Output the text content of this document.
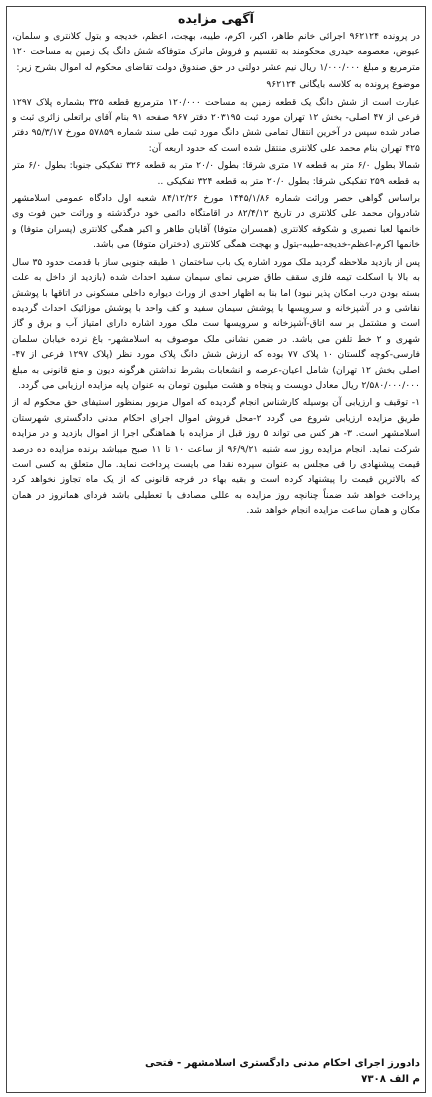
آگهی مزایده

در پرونده ۹۶۲۱۲۴ اجرائی خانم طاهر، اکبر، اکرم، طیبه، بهجت، اعظم، خدیجه و بتول کلانتری و سلمان، عیوض، معصومه حیدری محکومند به تقسیم و فروش ماترک متوفاکه شش دانگ یک زمین به مساحت ۱۲۰ مترمربع و مبلغ ۱/۰۰۰/۰۰۰ ریال نیم عشر دولتی در حق صندوق دولت تقاضای محکوم له اموال بشرح زیر:

موضوع پرونده به کلاسه بایگانی ۹۶۲۱۲۴

عبارت است از شش دانگ یک قطعه زمین به مساحت ۱۲۰/۰۰۰ مترمربع قطعه ۳۲۵ بشماره پلاک ۱۲۹۷ فرعی از ۴۷ اصلی- بخش ۱۲ تهران مورد ثبت ۲۰۳۱۹۵ دفتر ۹۶۷ صفحه ۹۱ بنام آقای براتعلی زائری ثبت و صادر شده سپس در آخرین انتقال تمامی شش دانگ مورد ثبت طی سند شماره ۵۷۸۵۹ مورخ ۹۵/۳/۱۷ دفتر ۴۲۵ تهران بنام محمد علی کلانتری منتقل شده است که حدود اربعه آن:

شمالا بطول ۶/۰ متر به قطعه ۱۷ متری شرقا: بطول ۲۰/۰ متر به قطعه ۳۲۶ تفکیکی جنوبا: بطول ۶/۰ متر به قطعه ۲۵۹ تفکیکی شرقا: بطول ۲۰/۰ متر به قطعه ۳۲۴ تفکیکی ..

براساس گواهی حصر وراثت شماره ۱۴۴۵/۱/۸۶ مورخ ۸۴/۱۲/۲۶ شعبه اول دادگاه عمومی اسلامشهر شادروان محمد علی کلانتری در تاریخ ۸۲/۴/۱۲ در اقامتگاه دائمی خود درگذشته و وراثت حین فوت وی خانمها لعبا نصیری و شکوفه کلانتری (همسران متوفا) آقایان طاهر و اکبر همگی کلانتری (پسران متوفا) و خانمها اکرم-اعظم-خدیجه-طیبه-بتول و بهجت همگی کلانتری (دختران متوفا) می باشد.

پس از بازدید ملاحظه گردید ملک مورد اشاره یک باب ساختمان ۱ طبقه جنوبی ساز با قدمت حدود ۳۵ سال به بالا با اسکلت تیمه فلزی سقف طاق ضربی نمای سیمان سفید احداث شده (بازدید از داخل به علت بسته بودن درب امکان پذیر نبود) اما بنا به اظهار احدی از وراث دیواره داخلی مسکونی در اتاقها با پوشش نقاشی و در آشپزخانه و سرویسها با پوشش سیمان سفید و کف واحد با پوشش موزائیک احداث گردیده است و مشتمل بر سه اتاق-آشپزخانه و سرویسها ست ملک مورد اشاره دارای امتیاز آب و برق و گاز شهری و ۲ خط تلفن می باشد. در ضمن نشانی ملک موصوف به اسلامشهر- باغ نرده خیابان سلمان فارسی-کوچه گلستان ۱۰ پلاک ۷۷ بوده که ارزش شش دانگ پلاک مورد نظر (پلاک ۱۲۹۷ فرعی از ۴۷- اصلی بخش ۱۲ تهران) شامل اعیان-عرصه و انشعابات بشرط نداشتن هرگونه دیون و منع قانونی به مبلغ ۲/۵۸۰/۰۰۰/۰۰۰ ریال معادل دویست و پنجاه و هشت میلیون تومان به عنوان پایه مزایده ارزیابی می گردد.

۱- توقیف و ارزیابی آن بوسیله کارشناس انجام گردیده که اموال مزبور بمنظور استیفای حق محکوم له از طریق مزایده ارزیابی شروع می گردد ۲-محل فروش اموال اجرای احکام مدنی دادگستری شهرستان اسلامشهر است. ۳- هر کس می تواند ۵ روز قبل از مزایده با هماهنگی اجرا از اموال بازدید و در مزایده شرکت نماید. انجام مزایده روز سه شنبه ۹۶/۹/۲۱ از ساعت ۱۰ تا ۱۱ صبح میباشد برنده مزایده ده درصد قیمت پیشنهادی را فی مجلس به عنوان سپرده نقدا می بایست پرداخت نماید. مال متعلق به کسی است که بالاترین قیمت را پیشنهاد کرده است و بقیه بهاء در فرجه قانونی که از یک ماه تجاوز نخواهد کرد پرداخت خواهد شد ضمناً چنانچه روز مزایده به عللی مصادف با تعطیلی باشد فردای همانروز در همان مکان و همان ساعت مزایده انجام خواهد شد.

دادورز اجرای احکام مدنی دادگستری اسلامشهر - فتحی
م الف ۷۳۰۸
